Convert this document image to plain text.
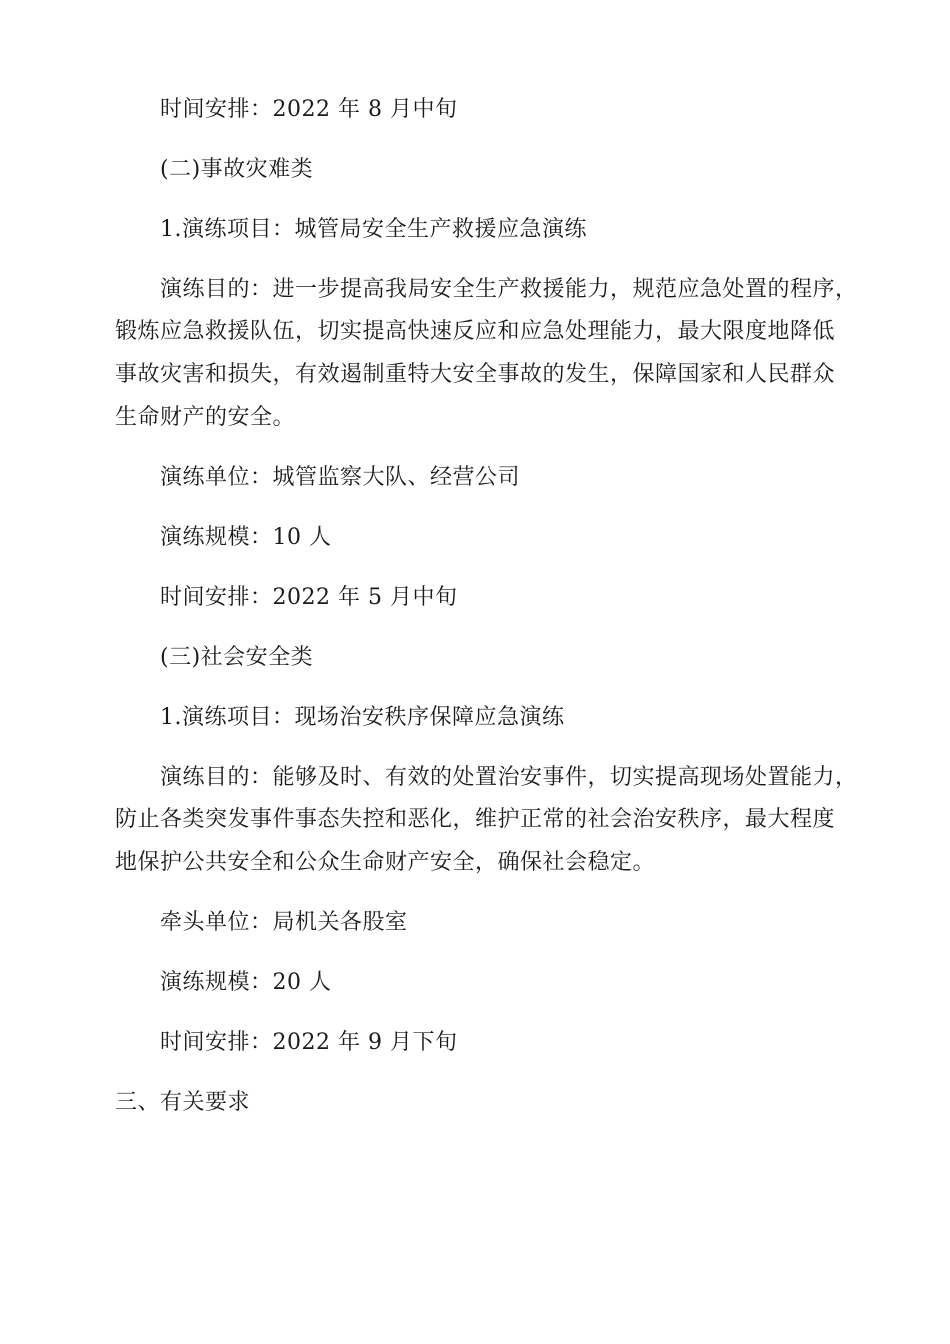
时间安排：2022 年 8 月中旬
(二)事故灾难类
1.演练项目：城管局安全生产救援应急演练
演练目的：进一步提高我局安全生产救援能力，规范应急处置的程序，
锻炼应急救援队伍，切实提高快速反应和应急处理能力，最大限度地降低
事故灾害和损失，有效遏制重特大安全事故的发生，保障国家和人民群众
生命财产的安全。
演练单位：城管监察大队、经营公司
演练规模：10 人
时间安排：2022 年 5 月中旬
(三)社会安全类
1.演练项目：现场治安秩序保障应急演练
演练目的：能够及时、有效的处置治安事件，切实提高现场处置能力，
防止各类突发事件事态失控和恶化，维护正常的社会治安秩序，最大程度
地保护公共安全和公众生命财产安全，确保社会稳定。
牵头单位：局机关各股室
演练规模：20 人
时间安排：2022 年 9 月下旬
三、有关要求
